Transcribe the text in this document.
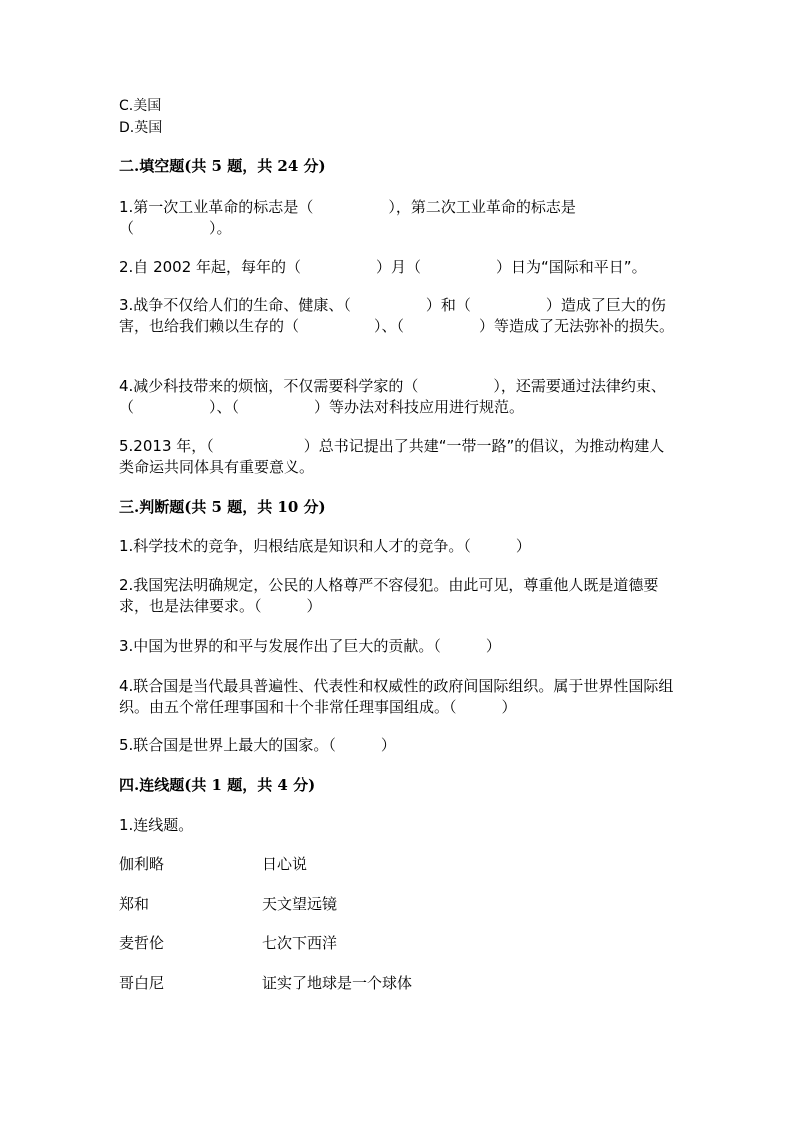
C.美国
D.英国
二.填空题(共 5 题，共 24 分)
1.第一次工业革命的标志是（　　　　　），第二次工业革命的标志是（　　　　　）。
2.自 2002 年起，每年的（　　　　　）月（　　　　　）日为“国际和平日”。
3.战争不仅给人们的生命、健康、（　　　　　）和（　　　　　）造成了巨大的伤害，也给我们赖以生存的（　　　　　）、（　　　　　）等造成了无法弥补的损失。
4.减少科技带来的烦恼，不仅需要科学家的（　　　　　），还需要通过法律约束、（　　　　　）、（　　　　　）等办法对科技应用进行规范。
5.2013 年，（　　　　　　）总书记提出了共建“一带一路”的倡议，为推动构建人类命运共同体具有重要意义。
三.判断题(共 5 题，共 10 分)
1.科学技术的竞争，归根结底是知识和人才的竞争。（　　　）
2.我国宪法明确规定，公民的人格尊严不容侵犯。由此可见，尊重他人既是道德要求，也是法律要求。（　　　）
3.中国为世界的和平与发展作出了巨大的贡献。（　　　）
4.联合国是当代最具普遍性、代表性和权威性的政府间国际组织。属于世界性国际组织。由五个常任理事国和十个非常任理事国组成。（　　　）
5.联合国是世界上最大的国家。（　　　）
四.连线题(共 1 题，共 4 分)
1.连线题。
伽利略	日心说
郑和	天文望远镜
麦哲伦	七次下西洋
哥白尼	证实了地球是一个球体
